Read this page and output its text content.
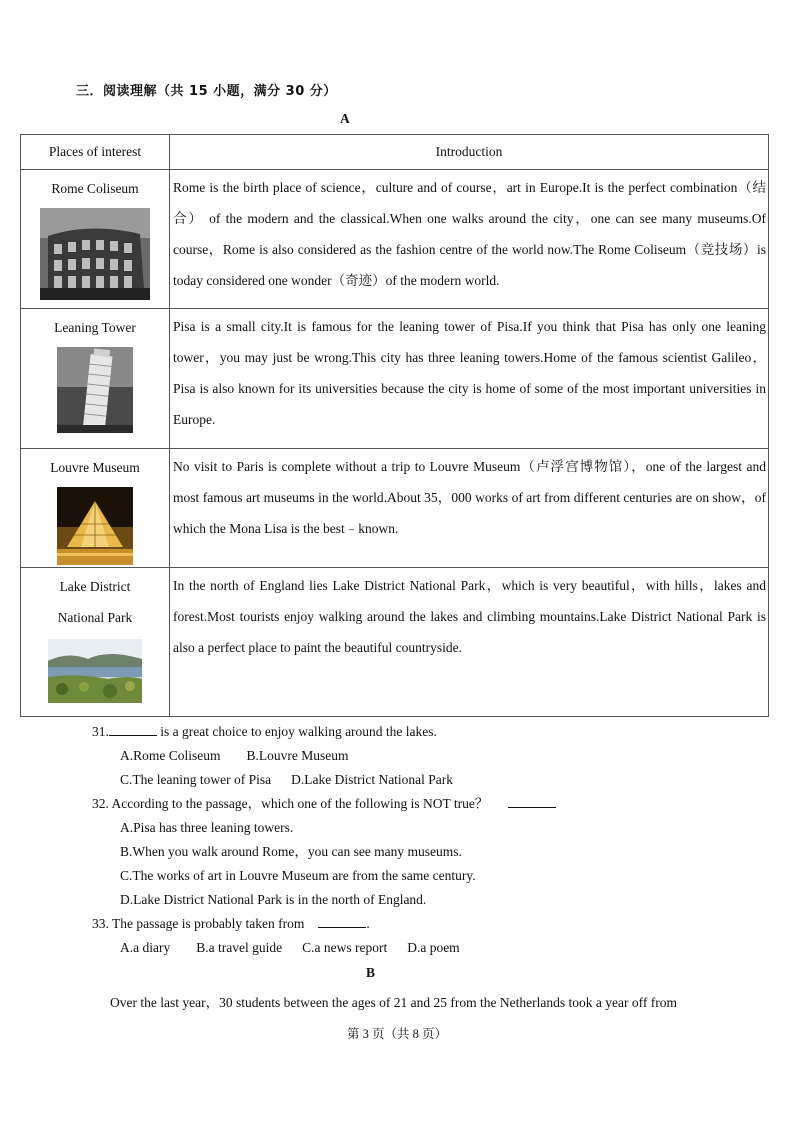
三．阅读理解（共 15 小题，满分 30 分）
A
Places of interest	Introduction

Rome Coliseum	Rome is the birth place of science，culture and of course，art in Europe.It is the perfect combination（结合） of the modern and the classical.When one walks around the city，one can see many museums.Of course，Rome is also considered as the fashion centre of the world now.The Rome Coliseum（竞技场）is today considered one wonder（奇迹）of the modern world.

Leaning Tower	Pisa is a small city.It is famous for the leaning tower of Pisa.If you think that Pisa has only one leaning tower，you may just be wrong.This city has three leaning towers.Home of the famous scientist Galileo，Pisa is also known for its universities because the city is home of some of the most important universities in Europe.

Louvre Museum	No visit to Paris is complete without a trip to Louvre Museum（卢浮宫博物馆），one of the largest and most famous art museums in the world.About 35，000 works of art from different centuries are on show，of which the Mona Lisa is the best﹣known.

Lake District
National Park	In the north of England lies Lake District National Park，which is very beautiful，with hills，lakes and forest.Most tourists enjoy walking around the lakes and climbing mountains.Lake District National Park is also a perfect place to paint the beautiful countryside.
31.	is a great choice to enjoy walking around the lakes.
A.Rome Coliseum B.Louvre Museum
C.The leaning tower of Pisa D.Lake District National Park
32. According to the passage，which one of the following is NOT true？
A.Pisa has three leaning towers.
B.When you walk around Rome，you can see many museums.
C.The works of art in Louvre Museum are from the same century.
D.Lake District National Park is in the north of England.
33. The passage is probably taken from	.
A.a diary B.a travel guide C.a news report D.a poem
B
Over the last year，30 students between the ages of 21 and 25 from the Netherlands took a year off from
第 3 页（共 8 页）
